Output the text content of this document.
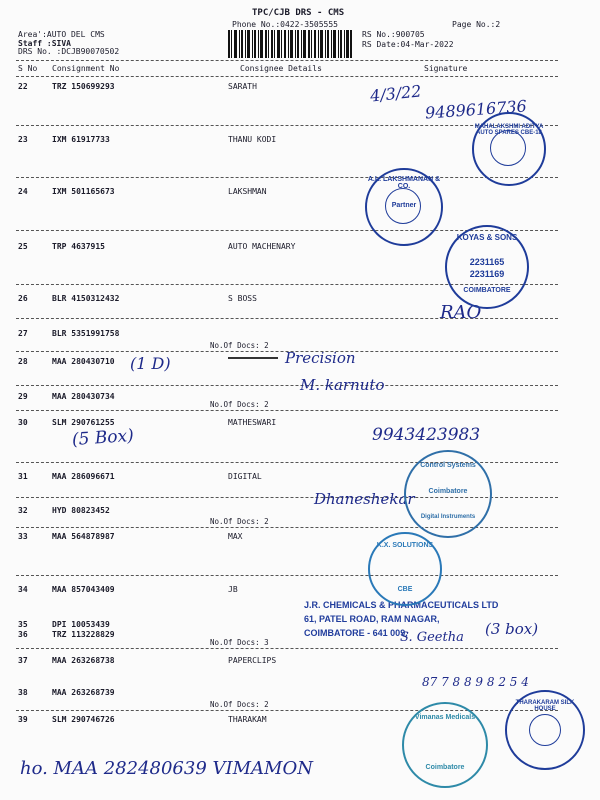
TPC/CJB DRS - CMS
Phone No.:0422-3505555	Page No.:2
Area':AUTO DEL CMS
Staff :SIVA
DRS No. :DCJB90070502
RS No.:900705
RS Date:04-Mar-2022
S No Consignment No	Consignee Details	Signature
22	TRZ 150699293	SARATH
23	IXM 61917733	THANU KODI
24	IXM 501165673	LAKSHMAN
25	TRP 4637915	AUTO MACHENARY
26	BLR 4150312432	S BOSS
27	BLR 5351991758
No.Of Docs: 2
28	MAA 280430710
29	MAA 280430734
No.Of Docs: 2
30	SLM 290761255	MATHESWARI
31	MAA 286096671	DIGITAL
32	HYD 80823452
No.Of Docs: 2
33	MAA 564878987	MAX
34	MAA 857043409	JB
35	DPI 10053439
36	TRZ 113228829
No.Of Docs: 3
37	MAA 263268738	PAPERCLIPS
38	MAA 263268739
No.Of Docs: 2
39	SLM 290746726	THARAKAM
4/3/22
9489616736
RAO
(1 D)	Precision
M. karnuto
(5 Box)	9943423983
Dhaneshekar
(3 box)
S. Geetha
87 7 8 8 9 8 2 5 4
ho. MAA 282480639 VIMAMON
J.R. CHEMICALS & PHARMACEUTICALS LTD
61, PATEL ROAD, RAM NAGAR,
COIMBATORE - 641 009.
MAHALAKSHMI ADITYA AUTO SPARES CBE-18
A.L. LAKSHMANAN & CO.
Partner
KOYAS & SONS
2231165
2231169
COIMBATORE
Control Systems
Coimbatore
Digital Instruments
K.X. SOLUTIONS
CBE
THARAKARAM SILK HOUSE
Vimanas Medicals
Coimbatore
